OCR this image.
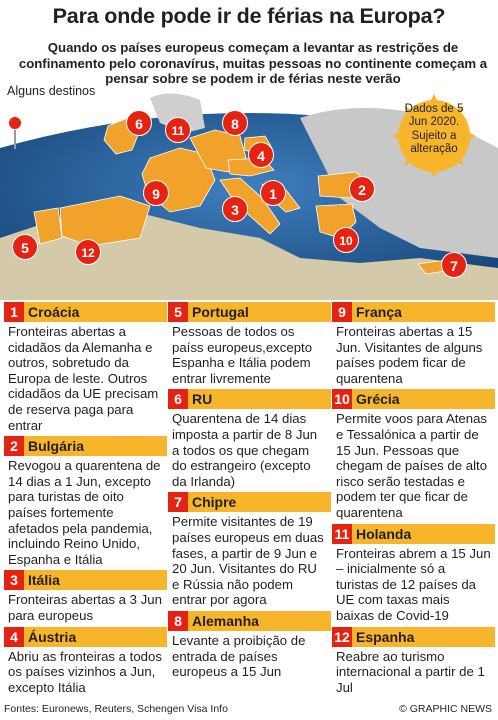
Para onde pode ir de férias na Europa?
Quando os países europeus começam a levantar as restrições de confinamento pelo coronavírus, muitas pessoas no continente começam a pensar sobre se podem ir de férias neste verão
Alguns destinos
Dados de 5 Jun 2020. Sujeito a alteração
1	2
3
4
5
6
7
8
9
10
11
12
1 Croácia
Fronteiras abertas a cidadãos da Alemanha e outros, sobretudo da Europa de leste. Outros cidadãos da UE precisam de reserva paga para entrar
2 Bulgária
Revogou a quarentena de 14 dias a 1 Jun, excepto para turistas de oito países fortemente afetados pela pandemia, incluindo Reino Unido, Espanha e Itália
3 Itália
Fronteiras abertas a 3 Jun para europeus
4 Áustria
Abriu as fronteiras a todos os países vizinhos a Jun, excepto Itália
5 Portugal
Pessoas de todos os paíss europeus,excepto Espanha e Itália podem entrar livremente
6 RU
Quarentena de 14 dias imposta a partir de 8 Jun a todos os que chegam do estrangeiro (excepto da Irlanda)
7 Chipre
Permite visitantes de 19 países europeus em duas fases, a partir de 9 Jun e 20 Jun. Visitantes do RU e Rússia não podem entrar por agora
8 Alemanha
Levante a proibição de entrada de países europeus a 15 Jun
9 França
Fronteiras abertas a 15 Jun. Visitantes de alguns países podem ficar de quarentena
10 Grécia
Permite voos para Atenas e Tessalónica a partir de 15 Jun. Pessoas que chegam de países de alto risco serão testadas e podem ter que ficar de quarentena
11 Holanda
Fronteiras abrem a 15 Jun – inicialmente só a turistas de 12 países da UE com taxas mais baixas de Covid-19
12 Espanha
Reabre ao turismo internacional a partir de 1 Jul
Fontes: Euronews, Reuters, Schengen Visa Info	© GRAPHIC NEWS
